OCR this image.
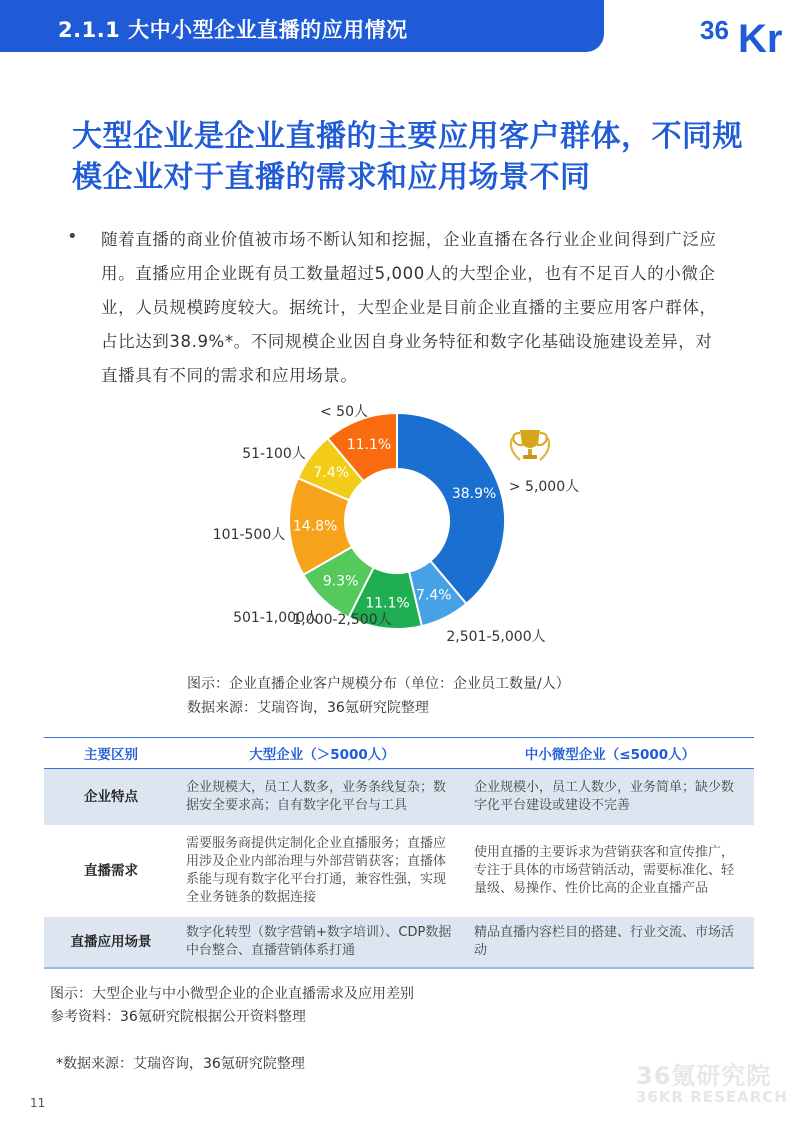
2.1.1 大中小型企业直播的应用情况	36 Kr
大型企业是企业直播的主要应用客户群体，不同规模企业对于直播的需求和应用场景不同
• 随着直播的商业价值被市场不断认知和挖掘，企业直播在各行业企业间得到广泛应用。直播应用企业既有员工数量超过5,000人的大型企业，也有不足百人的小微企业，人员规模跨度较大。据统计，大型企业是目前企业直播的主要应用客户群体，占比达到38.9%*。不同规模企业因自身业务特征和数字化基础设施建设差异，对直播具有不同的需求和应用场景。
38.9%
7.4%
11.1%
9.3%
14.8%
7.4%
11.1%
> 5,000人
2,501-5,000人
1,000-2,500人
501-1,000人
101-500人
51-100人
< 50人
图示：企业直播企业客户规模分布（单位：企业员工数量/人）
数据来源：艾瑞咨询，36氪研究院整理
主要区别	大型企业（＞5000人）	中小微型企业（≤5000人）
企业特点	企业规模大，员工人数多，业务条线复杂；数据安全要求高；自有数字化平台与工具	企业规模小，员工人数少，业务简单；缺少数字化平台建设或建设不完善
直播需求	需要服务商提供定制化企业直播服务；直播应用涉及企业内部治理与外部营销获客；直播体系能与现有数字化平台打通，兼容性强，实现全业务链条的数据连接	使用直播的主要诉求为营销获客和宣传推广，专注于具体的市场营销活动，需要标准化、轻量级、易操作、性价比高的企业直播产品
直播应用场景	数字化转型（数字营销+数字培训）、CDP数据中台整合、直播营销体系打通	精品直播内容栏目的搭建、行业交流、市场活动
图示：大型企业与中小微型企业的企业直播需求及应用差别
参考资料：36氪研究院根据公开资料整理
*数据来源：艾瑞咨询，36氪研究院整理	36氪研究院
36KR RESEARCH
11
